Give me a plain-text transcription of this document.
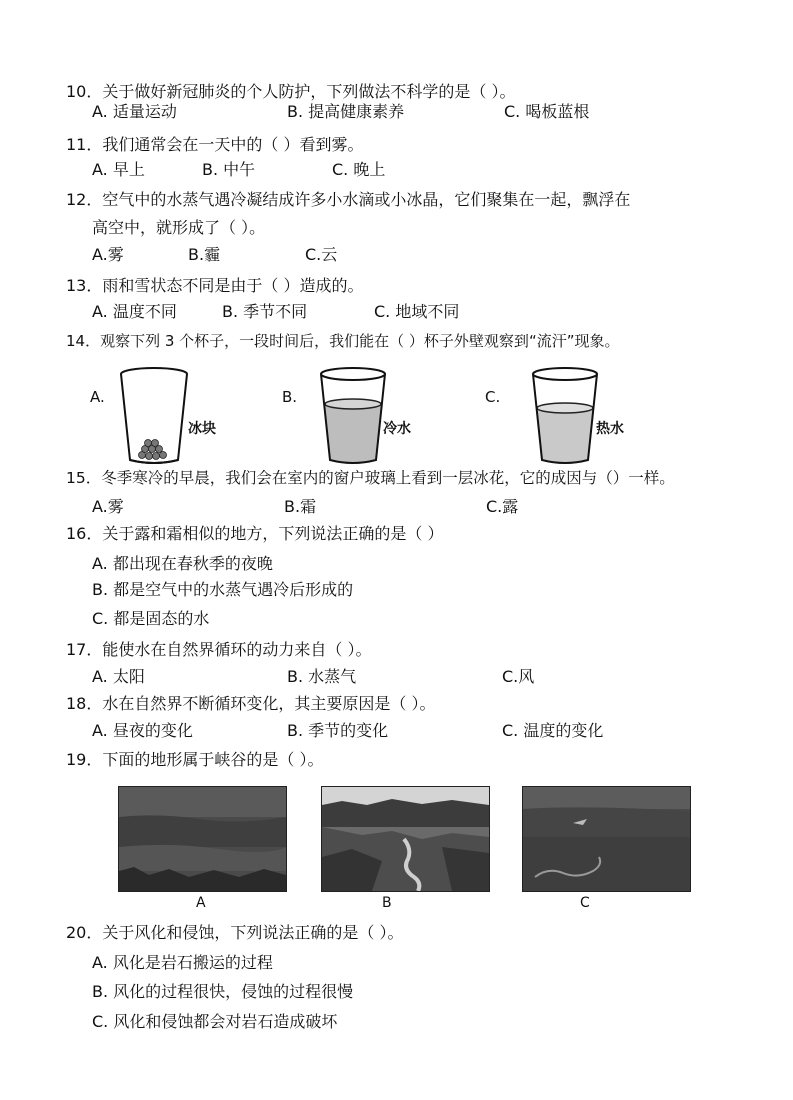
10．关于做好新冠肺炎的个人防护，下列做法不科学的是（ ）。
A. 适量运动	B. 提高健康素养	C. 喝板蓝根
11．我们通常会在一天中的（ ）看到雾。
A. 早上	B. 中午	C. 晚上
12．空气中的水蒸气遇冷凝结成许多小水滴或小冰晶，它们聚集在一起，飘浮在
高空中，就形成了（ ）。
A.雾	B.霾	C.云
13．雨和雪状态不同是由于（ ）造成的。
A. 温度不同	B. 季节不同	C. 地域不同
14．观察下列 3 个杯子，一段时间后，我们能在（ ）杯子外壁观察到“流汗”现象。
A.	B.	C.
冰块	冷水	热水
15．冬季寒冷的早晨，我们会在室内的窗户玻璃上看到一层冰花，它的成因与（）一样。
A.雾	B.霜	C.露
16．关于露和霜相似的地方，下列说法正确的是（ ）
A. 都出现在春秋季的夜晚
B. 都是空气中的水蒸气遇冷后形成的
C. 都是固态的水
17．能使水在自然界循环的动力来自（ ）。
A. 太阳	B. 水蒸气	C.风
18．水在自然界不断循环变化，其主要原因是（ ）。
A. 昼夜的变化	B. 季节的变化	C. 温度的变化
19．下面的地形属于峡谷的是（ ）。
A	B	C
20．关于风化和侵蚀，下列说法正确的是（ ）。
A. 风化是岩石搬运的过程
B. 风化的过程很快，侵蚀的过程很慢
C. 风化和侵蚀都会对岩石造成破坏
